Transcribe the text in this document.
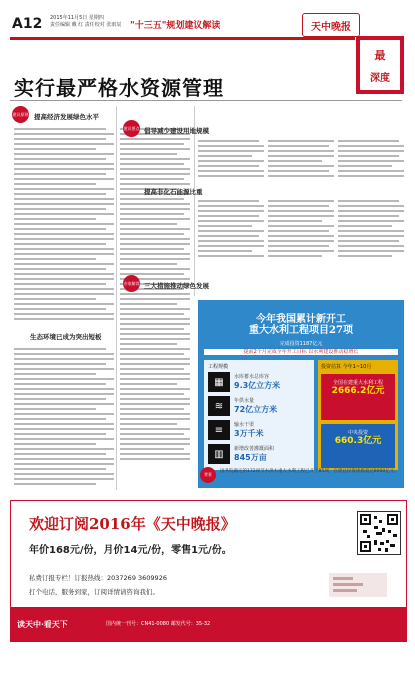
A12 2015年11月5日 星期四
责任编辑 戴 红 责任校对 张雨辰 "十三五"规划建议解读	天中晚报
最
深度
实行最严格水资源管理
建议原则 提高经济发展绿色水平
生态环境已成为突出短板
建议要点 倡导减少建设用地规模
提高非化石能源比重
专家解读 三大措施推动绿色发展
今年我国累计新开工
重大水利工程项目27项
完成投资1187亿元
提前2个月完成全年开工目标 以水利建设推动稳增长
工程规模
▦	水库蓄水总库容
9.3亿立方米
≋	年供水量
72亿立方米
≡	输水干渠
3万千米
▥	新增改善灌溉面积
845万亩
投资估算 今年1~10月
全国在建重大水利工程
2666.2亿元
中央投资
660.3亿元
背景
国务院确定的172项节水供水重大水利工程已开工85项，在建总投资规模超过8000亿元。
欢迎订阅2016年《天中晚报》
年价168元/份，月价14元/份，零售1元/份。
私费订报专栏！订报热线：2037269 3609926
打个电话，服务到家，订阅详情请咨询我们。
读天中·看天下	国内统一刊号：CN41-0080 邮发代号：35-32
